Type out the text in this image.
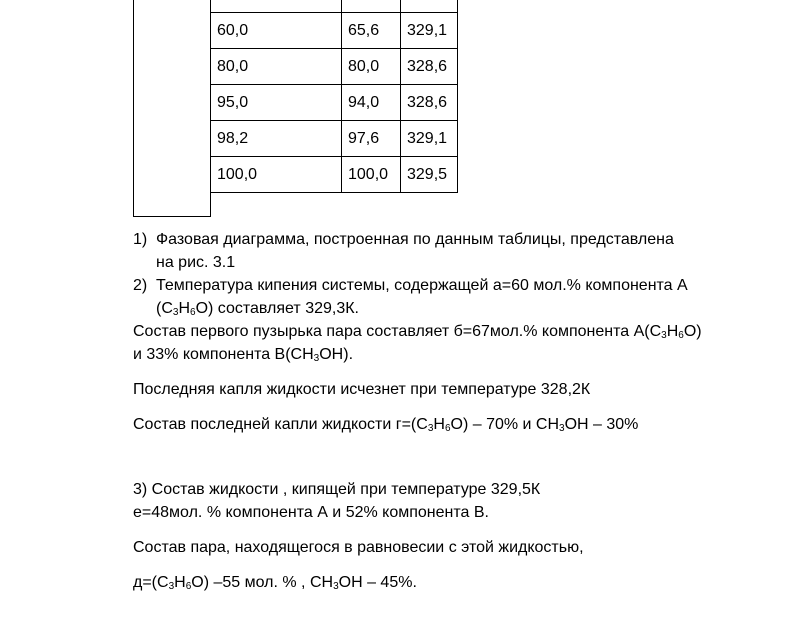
	60,0	65,6	329,1
	80,0	80,0	328,6
	95,0	94,0	328,6
	98,2	97,6	329,1
	100,0	100,0	329,5

1) Фазовая диаграмма, построенная по данным таблицы, представлена
на рис. 3.1
2) Температура кипения системы, содержащей а=60 мол.% компонента А
$(C_3H_6O)$ составляет 329,3К.
Состав первого пузырька пара составляет б=67мол.% компонента $А(C_3H_6O)$
и 33% компонента $В(CH_3OH)$.
Последняя капля жидкости исчезнет при температуре 328,2К
Состав последней капли жидкости $г=(C_3H_6O) - 70\%$ и $CH_3OH - 30\%$
3) Состав жидкости , кипящей при температуре 329,5К
е=48мол. % компонента А и 52% компонента В.
Состав пара, находящегося в равновесии с этой жидкостью,
$д=(C_3H_6O)$ –55 мол. % , $CH_3OH - 45\%$.
